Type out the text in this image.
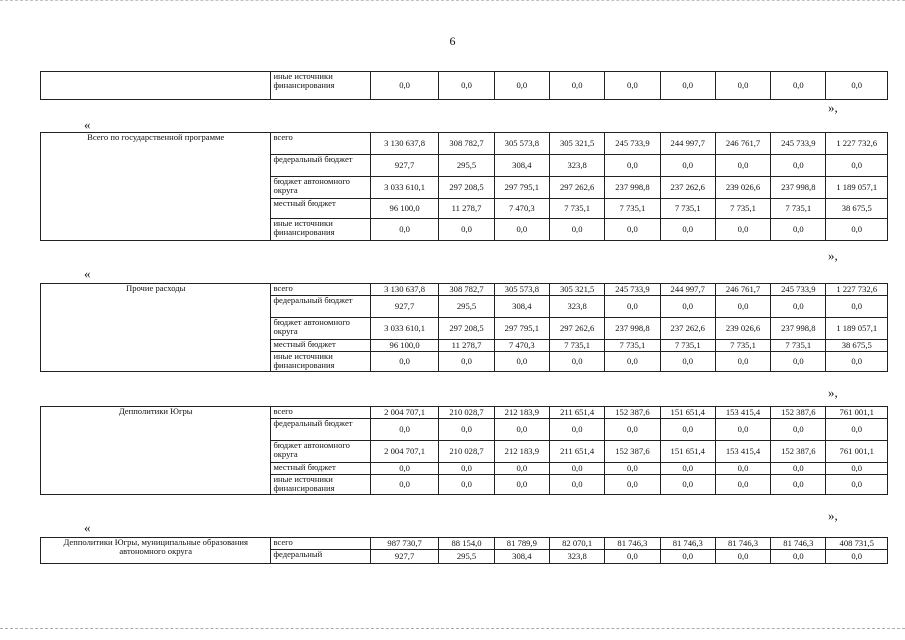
6
	иные источники финансирования	0,0	0,0	0,0	0,0	0,0	0,0	0,0	0,0	0,0
»,
«
Всего по государственной программе	всего	3 130 637,8	308 782,7	305 573,8	305 321,5	245 733,9	244 997,7	246 761,7	245 733,9	1 227 732,6
	федеральный бюджет	927,7	295,5	308,4	323,8	0,0	0,0	0,0	0,0	0,0
	бюджет автономного округа	3 033 610,1	297 208,5	297 795,1	297 262,6	237 998,8	237 262,6	239 026,6	237 998,8	1 189 057,1
	местный бюджет	96 100,0	11 278,7	7 470,3	7 735,1	7 735,1	7 735,1	7 735,1	7 735,1	38 675,5
	иные источники финансирования	0,0	0,0	0,0	0,0	0,0	0,0	0,0	0,0	0,0
»,
«
Прочие расходы	всего	3 130 637,8	308 782,7	305 573,8	305 321,5	245 733,9	244 997,7	246 761,7	245 733,9	1 227 732,6
	федеральный бюджет	927,7	295,5	308,4	323,8	0,0	0,0	0,0	0,0	0,0
	бюджет автономного округа	3 033 610,1	297 208,5	297 795,1	297 262,6	237 998,8	237 262,6	239 026,6	237 998,8	1 189 057,1
	местный бюджет	96 100,0	11 278,7	7 470,3	7 735,1	7 735,1	7 735,1	7 735,1	7 735,1	38 675,5
	иные источники финансирования	0,0	0,0	0,0	0,0	0,0	0,0	0,0	0,0	0,0
»,
Депполитики Югры	всего	2 004 707,1	210 028,7	212 183,9	211 651,4	152 387,6	151 651,4	153 415,4	152 387,6	761 001,1
	федеральный бюджет	0,0	0,0	0,0	0,0	0,0	0,0	0,0	0,0	0,0
	бюджет автономного округа	2 004 707,1	210 028,7	212 183,9	211 651,4	152 387,6	151 651,4	153 415,4	152 387,6	761 001,1
	местный бюджет	0,0	0,0	0,0	0,0	0,0	0,0	0,0	0,0	0,0
	иные источники финансирования	0,0	0,0	0,0	0,0	0,0	0,0	0,0	0,0	0,0
»,
«
Депполитики Югры, муниципальные образования автономного округа	всего	987 730,7	88 154,0	81 789,9	82 070,1	81 746,3	81 746,3	81 746,3	81 746,3	408 731,5
	федеральный	927,7	295,5	308,4	323,8	0,0	0,0	0,0	0,0	0,0
